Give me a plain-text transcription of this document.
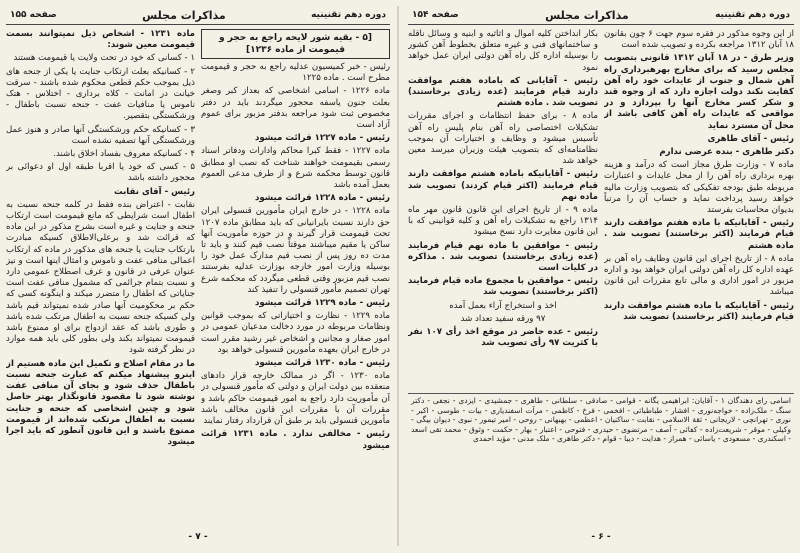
دوره دهم تقنینیه
مذاکرات مجلس
صفحه ۱۵۵
[۵ - بقیه شور لایحه راجع به حجر و قیمومت از ماده ۱۲۳۶]

رئیس - خبر کمیسیون عدلیه راجع به حجر و قیمومت مطرح است . ماده ۱۲۲۵

ماده ۱۲۲۶ - اسامی اشخاصی که بعداز کبر وصغر بعلت جنون یاسفه محجور میگردند باید در دفتر مخصوص ثبت شود مراجعه بدفتر مزبور برای عموم آزاد است

رئیس - ماده ۱۲۲۷ قرائت میشود

ماده ۱۲۲۷ - فقط کبرا محاکم وادارات ودفاتر اسناد رسمی بقیمومت خواهند شناخت که نصب او مطابق قانون توسط محکمه شرع و از طرف مدعی العموم بعمل آمده باشد

رئیس - ماده ۱۲۲۸ قرائت میشود

ماده ۱۲۲۸ - در خارج ایران مأمورین قنسولی ایران حق دارند نسبت بایرانیانی که باید مطابق ماده ۱۲۰۷ تحت قیمومت قرار گیرند و در حوزه مأموریت آنها ساکن یا مقیم میباشند موقتاً نصب قیم کنند و باید تا مدت ده روز پس از نصب قیم مدارک عمل خود را بوسیله وزارت امور خارجه بوزارت عدلیه بفرستند نصب قیم مزبور وقتی قطعی میگردد که محکمه شرع تهران تصمیم مأمور قنسولی را تنفیذ کند

رئیس - ماده ۱۲۲۹ قرائت میشود

ماده ۱۲۲۹ - نظارت و اختیاراتی که بموجب قوانین ونظامات مربوطه در مورد دخالت مدعیان عمومی در امور صغار و مجانین و اشخاص غیر رشید مقرر است در خارج ایران بعهده مأمورین قنسولی خواهد بود

رئیس - ماده ۱۲۳۰ قرائت میشود

ماده ۱۲۳۰ - اگر در ممالک خارجه قرار دادهای منعقده بین دولت ایران و دولتی که مأمور قنسولی در آن مأموریت دارد راجع به امور قیمومت حاکم باشد و مقررات آن با مقررات این قانون مخالف باشد مأمورین قنسولی باید بر طبق آن قرارداد رفتار نمایند

رئیس - مخالفی ندارد . ماده ۱۲۳۱ قرائت میشود

ماده ۱۲۳۱ - اشخاص ذیل نمیتوانند بسمت قیمومت معین شوند:

۱ - کسانی که خود در تحت ولایت یا قیمومت هستند

۲ - کسانیکه بعلت ارتکاب جنایت یا یکی از جنحه های ذیل بموجب حکم قطعی محکوم شده باشند - سرقت خیانت در امانت - کلاه برداری - اختلاس - هتک ناموس یا منافیات عفت - جنحه نسبت باطفال - ورشکستگی بتقصیر.

۳ - کسانیکه حکم ورشکستگی آنها صادر و هنوز عمل ورشکستگی آنها تصفیه نشده است

۴ - کسانیکه معروف بفساد اخلاق باشند.

۵ - کسی که خود یا اقربا طبقه اول او دعوائی بر محجور داشته باشد

رئیس - آقای نقابت

نقابت - اعتراض بنده فقط در کلمه جنحه نسبت به اطفال است شرایطی که مانع قیمومت است ارتکاب جنحه و جنایت و غیره است بشرح مذکور در این ماده که قرائت شد و برعلی‌الاطلاق کسیکه مبادرت بارتکاب جنایت یا جنحه های مذکور در ماده که ارتکاب اعمالی منافی عفت و ناموس و امثال اینها است و نیز عنوان عرفی در قانون و عرف اصطلاح عمومی دارد و نسبت بتمام جرائمی که مشمول منافی عفت است جنایاتی که اطفال را متضرر میکند و اینگونه کسی که حکم بر محکومیت آنها صادر شده نمیتواند قیم باشد ولی کسیکه جنحه نسبت به اطفال مرتکب شده باشد و طوری باشد که عقد ازدواج برای او ممنوع باشد قیمومت نمیتواند بکند ولی بطور کلی باید همه موارد در نظر گرفته شود

ما در مقام اصلاح و تکمیل این ماده هستیم از اینرو پیشنهاد میکنم که عبارت جنحه نسبت باطفال حذف شود و بجای آن منافی عفت نوشته شود تا مقصود قانونگذار بهتر حاصل شود و چنین اشخاصی که جنحه و جنایت نسبت به اطفال مرتکب شده‌اند از قیمومت ممنوع باشند و این قانون آنطور که باید اجرا میشود

- ۷ -
دوره دهم تقنینیه
مذاکرات مجلس
صفحه ۱۵۴

از این وجوه مذکور در فقره سوم جهت ۶ چون بقانون ۱۸ آبان ۱۳۱۲ مراجعه بکرده و تصویب شده است

وزیر طرق - در ۱۸ آبان ۱۳۱۲ قانونی بتصویب مجلس رسید که برای مخارج بهرهبرداری راه آهن شمال و جنوب از عایدات خود راه آهن کفایت نکند دولت اجازه دارد که از وجوه قند و شکر کسر مخارج آنها را بپردازد و در مواقعی که عایدات راه آهن کافی باشد از محل آن مسترد نماید

رئیس - آقای طاهری

دکتر طاهری - بنده عرضی ندارم

ماده ۷ - وزارت طرق مجاز است که درآمد و هزینه بهره برداری راه آهن را از محل عایدات و اعتبارات مربوطه طبق بودجه تفکیکی که بتصویب وزارت مالیه خواهد رسید پرداخت نماید و حساب آن را مرتباً بدیوان محاسبات بفرستد

رئیس - آقایانیکه با ماده هفتم موافقت دارند قیام فرمایند (اکثر برخاستند) تصویب شد . ماده هشتم

ماده ۸ - از تاریخ اجرای این قانون وظایف راه آهن بر عهده اداره کل راه آهن دولتی ایران خواهد بود و اداره مزبور در امور اداری و مالی تابع مقررات این قانون میباشد

رئیس - آقایانیکه با ماده هشتم موافقت دارند قیام فرمایند (اکثر برخاستند) تصویب شد

بکار انداختن کلیه اموال و اثاثیه و ابنیه و وسائل ناقله و ساختمانهای فنی و غیره متعلق بخطوط آهن کشور را بوسیله اداره کل راه آهن دولتی ایران عمل خواهد نمود

رئیس - آقایانی که باماده هفتم موافقت دارند قیام فرمایند (عده زیادی برخاستند) تصویب شد . ماده هشتم

ماده ۸ - برای حفظ انتظامات و اجرای مقررات تشکیلات اختصاصی راه آهن بنام پلیس راه آهن تأسیس میشود و وظایف و اختیارات آن بموجب نظامنامه‌ای که بتصویب هیئت وزیران میرسد معین خواهد شد

رئیس - آقایانیکه باماده هشتم موافقت دارند قیام فرمایند (اکثر قیام کردند) تصویب شد ماده نهم

ماده ۹ - از تاریخ اجرای این قانون قانون مهر ماه ۱۳۱۴ راجع به تشکیلات راه آهن و کلیه قوانینی که با این قانون مغایرت دارد نسخ میشود

رئیس - موافقین با ماده نهم قیام فرمایند (عده زیادی برخاستند) تصویب شد . مذاکره در کلیات است

رئیس - موافقین با مجموع ماده قیام فرمایند (اکثر برخاستند) تصویب شد

اخذ و استخراج آراء بعمل آمده

۹۷ ورقه سفید تعداد شد

رئیس - عده حاضر در موقع اخذ رأی ۱۰۷ نفر با کثریت ۹۷ رأی تصویب شد

اسامی رای دهندگان ۱ - آقایان: ابراهیمی یگانه - قوامی - صادقی - سلطانی - طاهری - جمشیدی - ایزدی - نجفی - دکتر سنگ - ملک‌زاده - خواجه‌نوری - افشار - طباطبائی - افخمی - فرخ - کاظمی - مرآت اسفندیاری - بیات - طوسی - اکبر - نوری - تهرانچی - لاریجانی - ثقة الاسلامی - نقابت - ساکنیان - اعظمی - بهبهانی - روحی - امیر تیمور - نبوی - دیوان بیگی - وکیلی - موقر - شریعت‌زاده - کفائی - آصف - مرتضوی - حیدری - فتوحی - اعتبار - بهار - حکمت - وثوق - محمد تقی اسعد - اسکندری - مسعودی - یاسائی - همراز - هدایت - دیبا - قوام - دکتر طاهری - ملک مدنی - مؤید احمدی
- ۶ -
